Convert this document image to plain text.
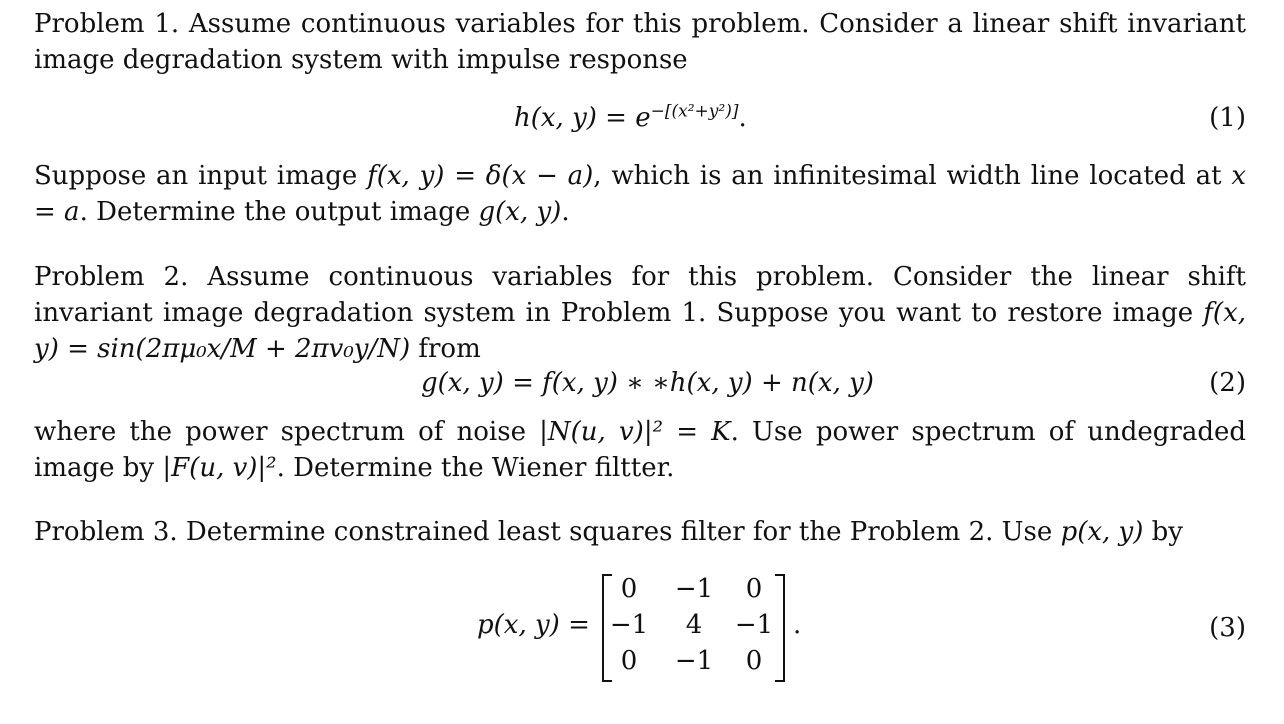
Problem 1. Assume continuous variables for this problem. Consider a linear shift invariant image degradation system with impulse response
h(x, $y) = e^{-[(x^2+y^2)]}$.	(1)
Suppose an input image f(x, y) = δ(x − a), which is an infinitesimal width line located at x = a. Determine the output image g(x, y).
Problem 2. Assume continuous variables for this problem. Consider the linear shift invariant image degradation system in Problem 1. Suppose you want to restore image f(x, y) = sin(2πμ₀x/M + 2πv₀y/N) from
g(x, y) = f(x, y) ∗ ∗h(x, y) + n(x, y)	(2)
where the power spectrum of noise |N(u, v)|² = K. Use power spectrum of undegraded image by |F(u, v)|². Determine the Wiener filtter.
Problem 3. Determine constrained least squares filter for the Problem 2. Use p(x, y) by
p(x, y) =
0	−1	0
−1	4	−1
0	−1	0
.	(3)
